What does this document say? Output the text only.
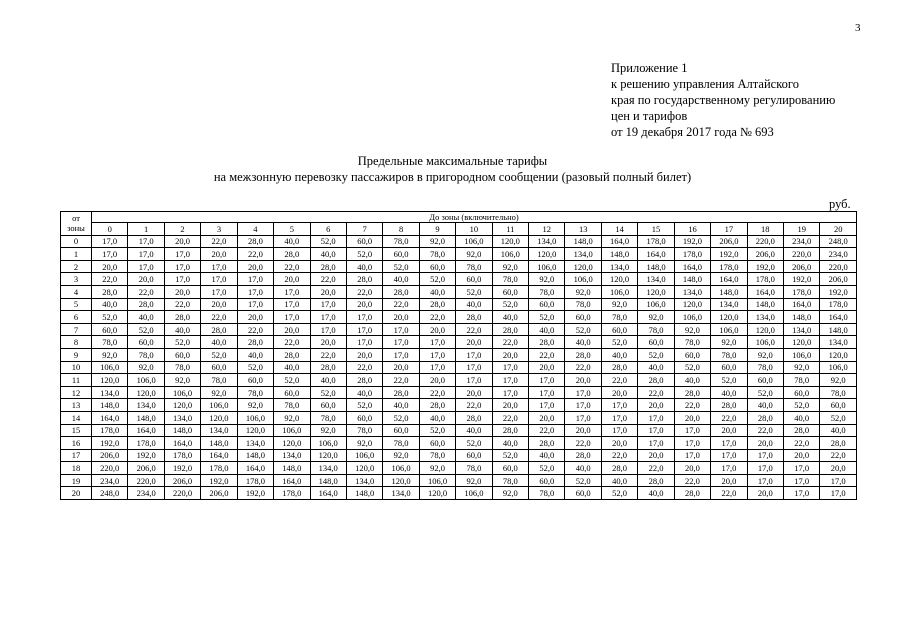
3
Приложение 1
к решению управления Алтайского
края по государственному регулированию
цен и тарифов
от 19 декабря 2017 года № 693
Предельные максимальные тарифы
на межзонную перевозку пассажиров в пригородном сообщении (разовый полный билет)
руб.
от
зоны	До зоны (включительно)																				
	0	1	2	3	4	5	6	7	8	9	10	11	12	13	14	15	16	17	18	19	20
0	17,0	17,0	20,0	22,0	28,0	40,0	52,0	60,0	78,0	92,0	106,0	120,0	134,0	148,0	164,0	178,0	192,0	206,0	220,0	234,0	248,0
1	17,0	17,0	17,0	20,0	22,0	28,0	40,0	52,0	60,0	78,0	92,0	106,0	120,0	134,0	148,0	164,0	178,0	192,0	206,0	220,0	234,0
2	20,0	17,0	17,0	17,0	20,0	22,0	28,0	40,0	52,0	60,0	78,0	92,0	106,0	120,0	134,0	148,0	164,0	178,0	192,0	206,0	220,0
3	22,0	20,0	17,0	17,0	17,0	20,0	22,0	28,0	40,0	52,0	60,0	78,0	92,0	106,0	120,0	134,0	148,0	164,0	178,0	192,0	206,0
4	28,0	22,0	20,0	17,0	17,0	17,0	20,0	22,0	28,0	40,0	52,0	60,0	78,0	92,0	106,0	120,0	134,0	148,0	164,0	178,0	192,0
5	40,0	28,0	22,0	20,0	17,0	17,0	17,0	20,0	22,0	28,0	40,0	52,0	60,0	78,0	92,0	106,0	120,0	134,0	148,0	164,0	178,0
6	52,0	40,0	28,0	22,0	20,0	17,0	17,0	17,0	20,0	22,0	28,0	40,0	52,0	60,0	78,0	92,0	106,0	120,0	134,0	148,0	164,0
7	60,0	52,0	40,0	28,0	22,0	20,0	17,0	17,0	17,0	20,0	22,0	28,0	40,0	52,0	60,0	78,0	92,0	106,0	120,0	134,0	148,0
8	78,0	60,0	52,0	40,0	28,0	22,0	20,0	17,0	17,0	17,0	20,0	22,0	28,0	40,0	52,0	60,0	78,0	92,0	106,0	120,0	134,0
9	92,0	78,0	60,0	52,0	40,0	28,0	22,0	20,0	17,0	17,0	17,0	20,0	22,0	28,0	40,0	52,0	60,0	78,0	92,0	106,0	120,0
10	106,0	92,0	78,0	60,0	52,0	40,0	28,0	22,0	20,0	17,0	17,0	17,0	20,0	22,0	28,0	40,0	52,0	60,0	78,0	92,0	106,0
11	120,0	106,0	92,0	78,0	60,0	52,0	40,0	28,0	22,0	20,0	17,0	17,0	17,0	20,0	22,0	28,0	40,0	52,0	60,0	78,0	92,0
12	134,0	120,0	106,0	92,0	78,0	60,0	52,0	40,0	28,0	22,0	20,0	17,0	17,0	17,0	20,0	22,0	28,0	40,0	52,0	60,0	78,0
13	148,0	134,0	120,0	106,0	92,0	78,0	60,0	52,0	40,0	28,0	22,0	20,0	17,0	17,0	17,0	20,0	22,0	28,0	40,0	52,0	60,0
14	164,0	148,0	134,0	120,0	106,0	92,0	78,0	60,0	52,0	40,0	28,0	22,0	20,0	17,0	17,0	17,0	20,0	22,0	28,0	40,0	52,0
15	178,0	164,0	148,0	134,0	120,0	106,0	92,0	78,0	60,0	52,0	40,0	28,0	22,0	20,0	17,0	17,0	17,0	20,0	22,0	28,0	40,0
16	192,0	178,0	164,0	148,0	134,0	120,0	106,0	92,0	78,0	60,0	52,0	40,0	28,0	22,0	20,0	17,0	17,0	17,0	20,0	22,0	28,0
17	206,0	192,0	178,0	164,0	148,0	134,0	120,0	106,0	92,0	78,0	60,0	52,0	40,0	28,0	22,0	20,0	17,0	17,0	17,0	20,0	22,0
18	220,0	206,0	192,0	178,0	164,0	148,0	134,0	120,0	106,0	92,0	78,0	60,0	52,0	40,0	28,0	22,0	20,0	17,0	17,0	17,0	20,0
19	234,0	220,0	206,0	192,0	178,0	164,0	148,0	134,0	120,0	106,0	92,0	78,0	60,0	52,0	40,0	28,0	22,0	20,0	17,0	17,0	17,0
20	248,0	234,0	220,0	206,0	192,0	178,0	164,0	148,0	134,0	120,0	106,0	92,0	78,0	60,0	52,0	40,0	28,0	22,0	20,0	17,0	17,0
